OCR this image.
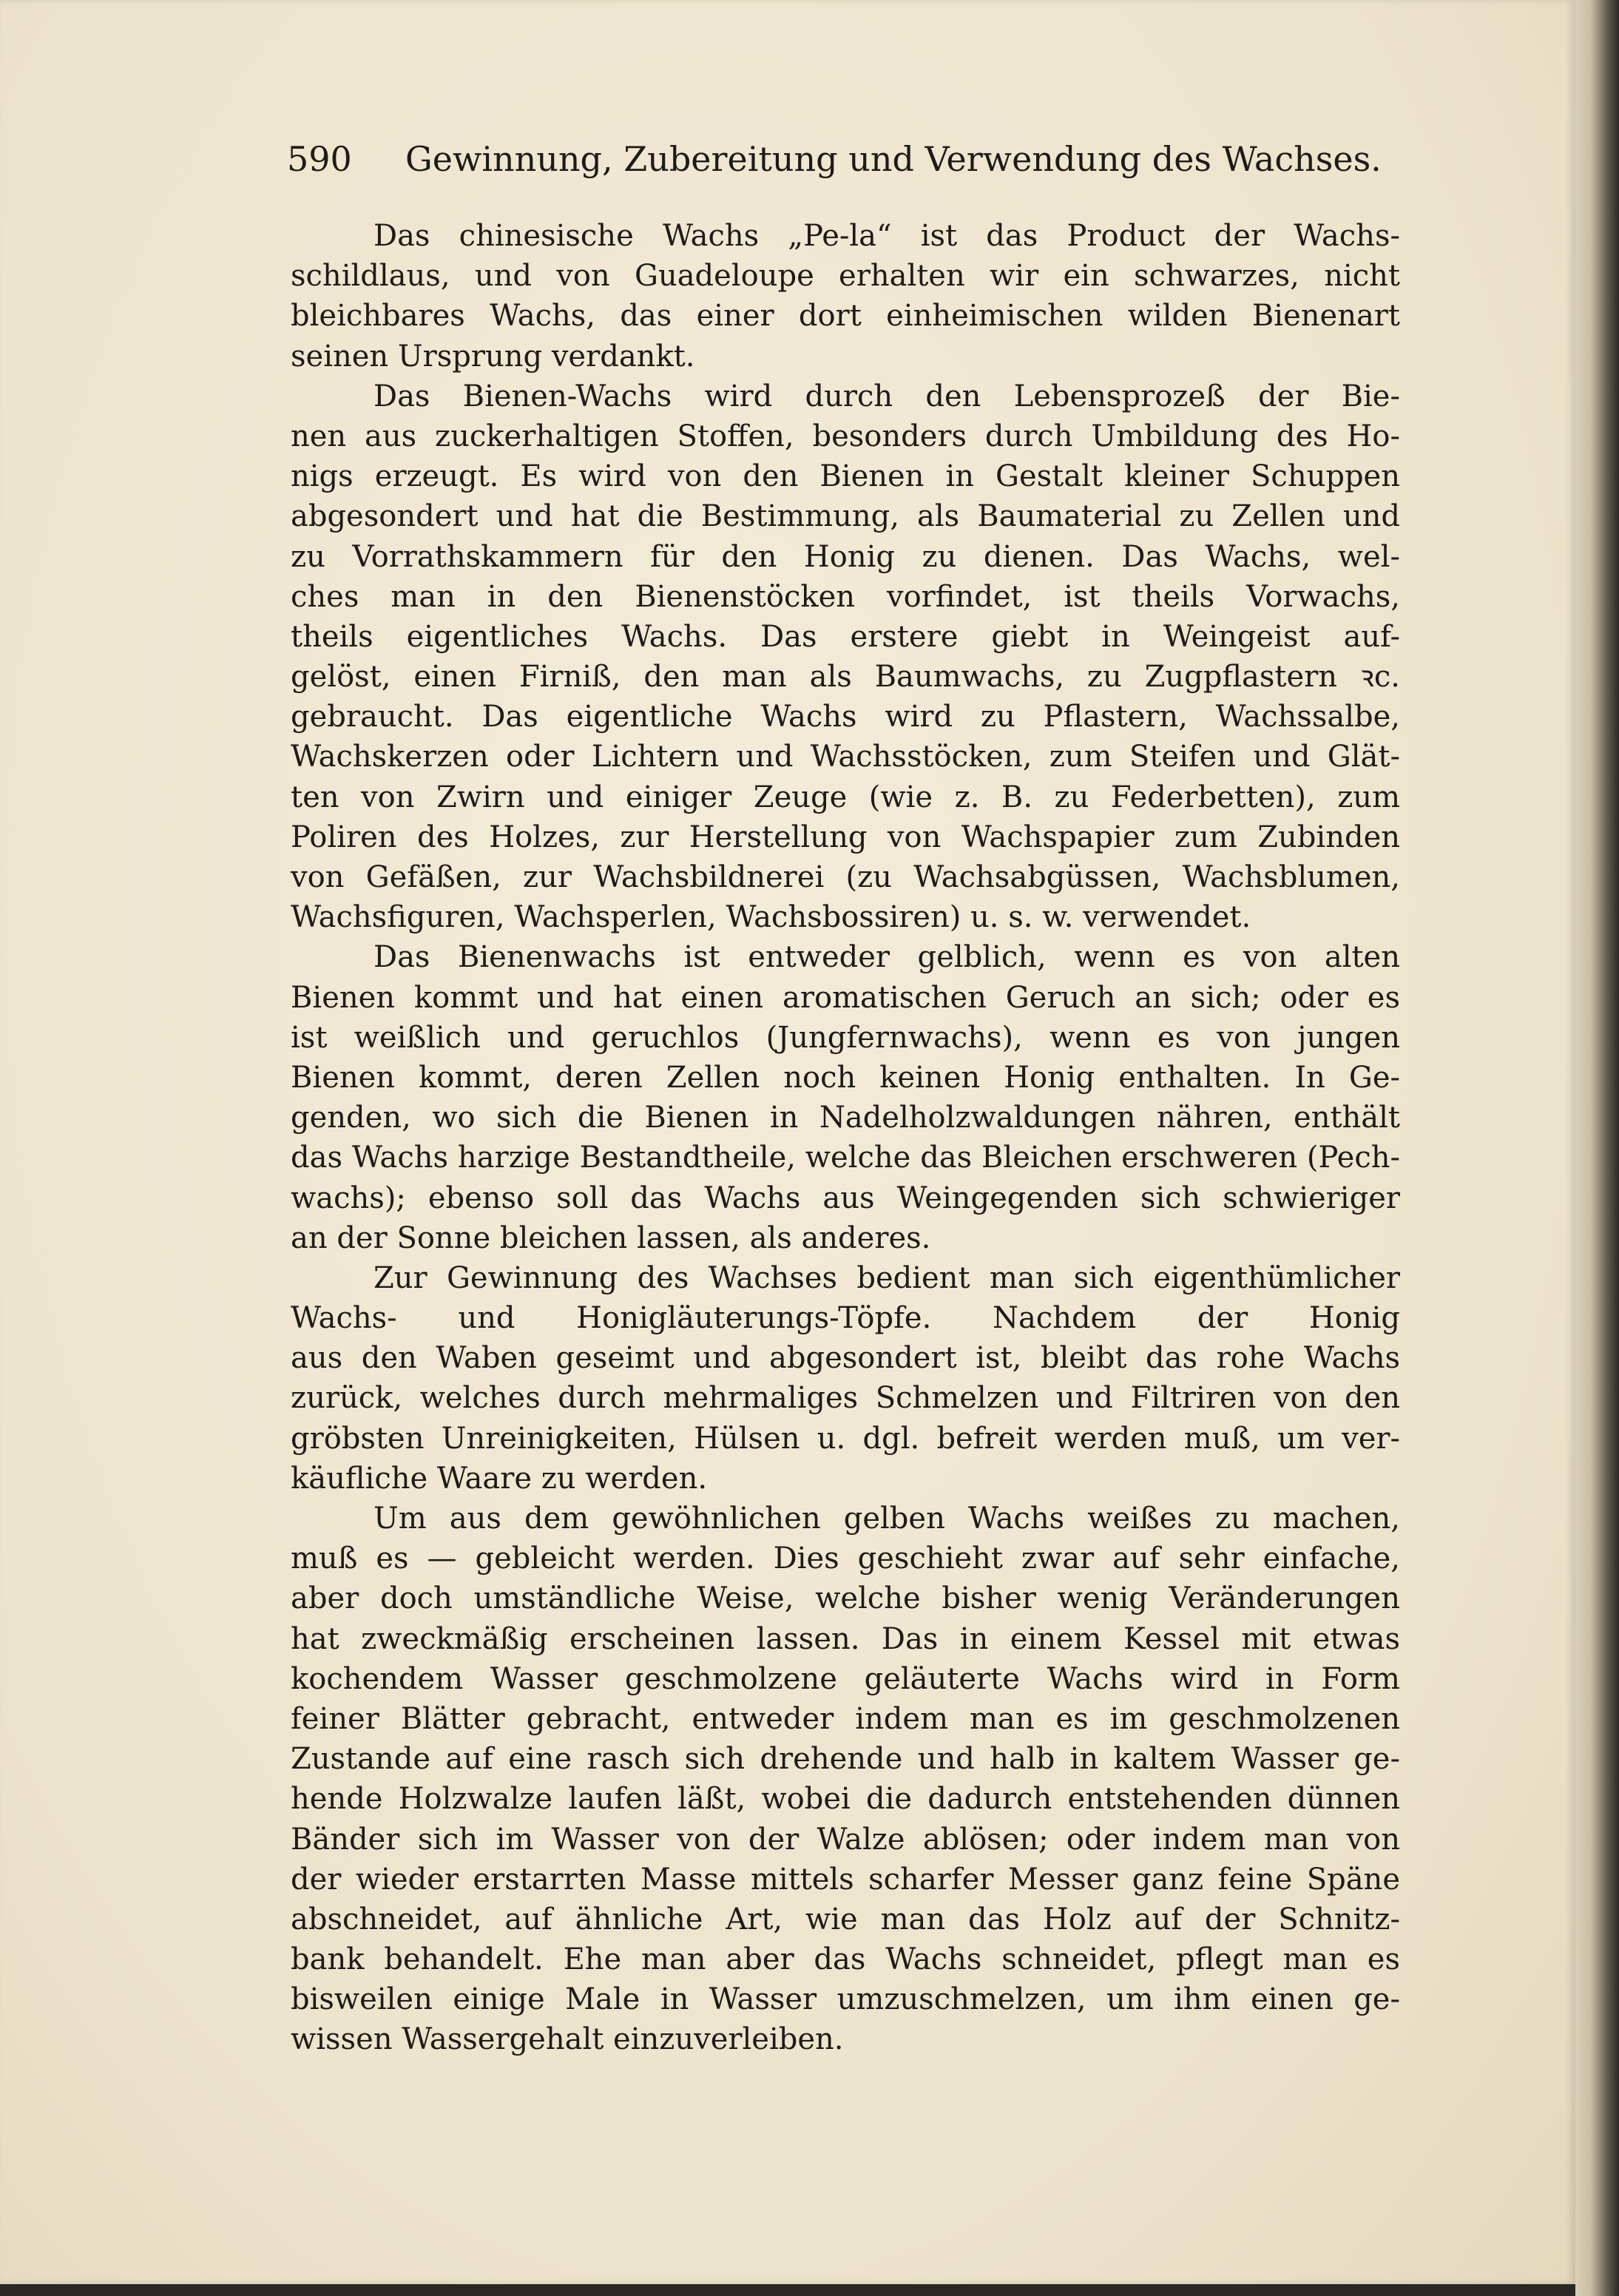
590 Gewinnung, Zubereitung und Verwendung des Wachses.
Das chinesische Wachs „Pe-la“ ist das Product der Wachs-
schildlaus, und von Guadeloupe erhalten wir ein schwarzes, nicht
bleichbares Wachs, das einer dort einheimischen wilden Bienenart
seinen Ursprung verdankt.
Das Bienen-Wachs wird durch den Lebensprozeß der Bie-
nen aus zuckerhaltigen Stoffen, besonders durch Umbildung des Ho-
nigs erzeugt. Es wird von den Bienen in Gestalt kleiner Schuppen
abgesondert und hat die Bestimmung, als Baumaterial zu Zellen und
zu Vorrathskammern für den Honig zu dienen. Das Wachs, wel-
ches man in den Bienenstöcken vorfindet, ist theils Vorwachs,
theils eigentliches Wachs. Das erstere giebt in Weingeist auf-
gelöst, einen Firniß, den man als Baumwachs, zu Zugpflastern ꝛc.
gebraucht. Das eigentliche Wachs wird zu Pflastern, Wachssalbe,
Wachskerzen oder Lichtern und Wachsstöcken, zum Steifen und Glät-
ten von Zwirn und einiger Zeuge (wie z. B. zu Federbetten), zum
Poliren des Holzes, zur Herstellung von Wachspapier zum Zubinden
von Gefäßen, zur Wachsbildnerei (zu Wachsabgüssen, Wachsblumen,
Wachsfiguren, Wachsperlen, Wachsbossiren) u. s. w. verwendet.
Das Bienenwachs ist entweder gelblich, wenn es von alten
Bienen kommt und hat einen aromatischen Geruch an sich; oder es
ist weißlich und geruchlos (Jungfernwachs), wenn es von jungen
Bienen kommt, deren Zellen noch keinen Honig enthalten. In Ge-
genden, wo sich die Bienen in Nadelholzwaldungen nähren, enthält
das Wachs harzige Bestandtheile, welche das Bleichen erschweren (Pech-
wachs); ebenso soll das Wachs aus Weingegenden sich schwieriger
an der Sonne bleichen lassen, als anderes.
Zur Gewinnung des Wachses bedient man sich eigenthümlicher
Wachs- und Honigläuterungs-Töpfe. Nachdem der Honig
aus den Waben geseimt und abgesondert ist, bleibt das rohe Wachs
zurück, welches durch mehrmaliges Schmelzen und Filtriren von den
gröbsten Unreinigkeiten, Hülsen u. dgl. befreit werden muß, um ver-
käufliche Waare zu werden.
Um aus dem gewöhnlichen gelben Wachs weißes zu machen,
muß es — gebleicht werden. Dies geschieht zwar auf sehr einfache,
aber doch umständliche Weise, welche bisher wenig Veränderungen
hat zweckmäßig erscheinen lassen. Das in einem Kessel mit etwas
kochendem Wasser geschmolzene geläuterte Wachs wird in Form
feiner Blätter gebracht, entweder indem man es im geschmolzenen
Zustande auf eine rasch sich drehende und halb in kaltem Wasser ge-
hende Holzwalze laufen läßt, wobei die dadurch entstehenden dünnen
Bänder sich im Wasser von der Walze ablösen; oder indem man von
der wieder erstarrten Masse mittels scharfer Messer ganz feine Späne
abschneidet, auf ähnliche Art, wie man das Holz auf der Schnitz-
bank behandelt. Ehe man aber das Wachs schneidet, pflegt man es
bisweilen einige Male in Wasser umzuschmelzen, um ihm einen ge-
wissen Wassergehalt einzuverleiben.
